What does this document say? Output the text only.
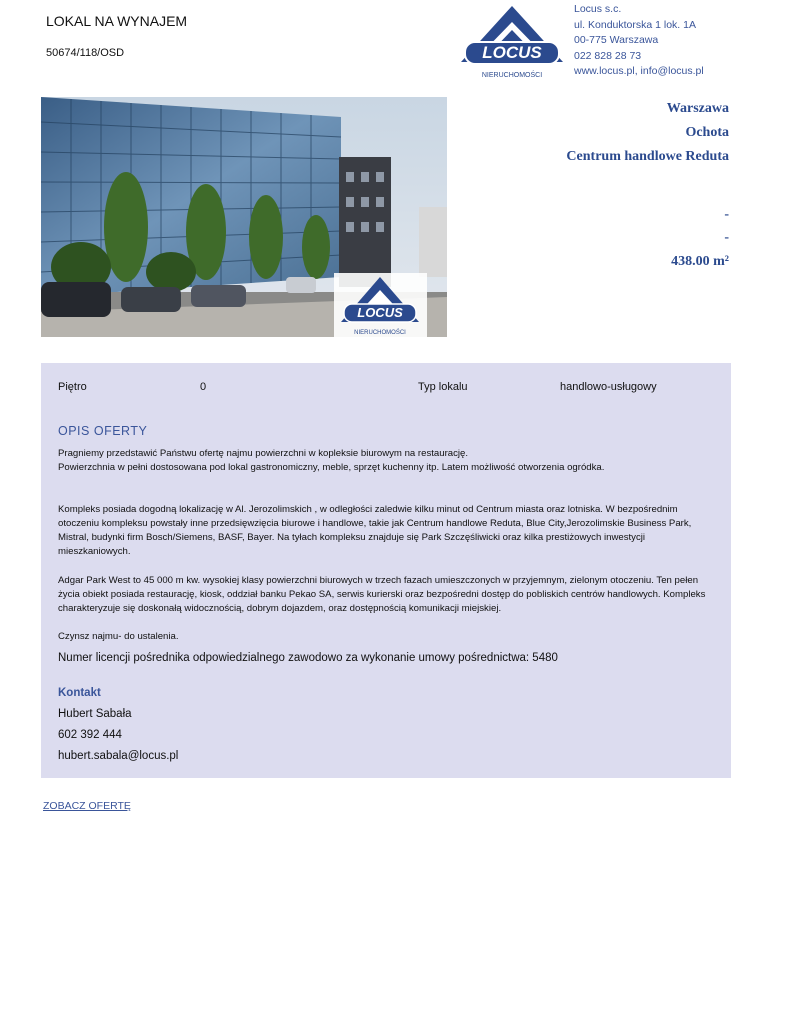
LOKAL NA WYNAJEM
50674/118/OSD	LOCUS
NIERUCHOMOŚCI
Locus s.c.
ul. Konduktorska 1 lok. 1A
00-775 Warszawa
022 828 28 73
www.locus.pl, info@locus.pl
LOCUS
NIERUCHOMOŚCI
Warszawa
Ochota
Centrum handlowe Reduta
-
-
438.00 m²
Piętro	0	Typ lokalu	handlowo-usługowy
OPIS OFERTY

Pragniemy przedstawić Państwu ofertę najmu powierzchni w kopleksie biurowym na restaurację.

Powierzchnia w pełni dostosowana pod lokal gastronomiczny, meble, sprzęt kuchenny itp. Latem możliwość otworzenia ogródka.

Kompleks posiada dogodną lokalizację w Al. Jerozolimskich , w odległości zaledwie kilku minut od Centrum miasta oraz lotniska. W bezpośrednim otoczeniu kompleksu powstały inne przedsięwzięcia biurowe i handlowe, takie jak Centrum handlowe Reduta, Blue City,Jerozolimskie Business Park, Mistral, budynki firm Bosch/Siemens, BASF, Bayer. Na tyłach kompleksu znajduje się Park Szczęśliwicki oraz kilka prestiżowych inwestycji mieszkaniowych.
Adgar Park West to 45 000 m kw. wysokiej klasy powierzchni biurowych w trzech fazach umieszczonych w przyjemnym, zielonym otoczeniu. Ten pełen życia obiekt posiada restaurację, kiosk, oddział banku Pekao SA, serwis kurierski oraz bezpośredni dostęp do pobliskich centrów handlowych. Kompleks charakteryzuje się doskonałą widocznością, dobrym dojazdem, oraz dostępnością komunikacji miejskiej.
Czynsz najmu- do ustalenia.
Numer licencji pośrednika odpowiedzialnego zawodowo za wykonanie umowy pośrednictwa: 5480
Kontakt
Hubert Sabała
602 392 444
hubert.sabala@locus.pl
ZOBACZ OFERTĘ
